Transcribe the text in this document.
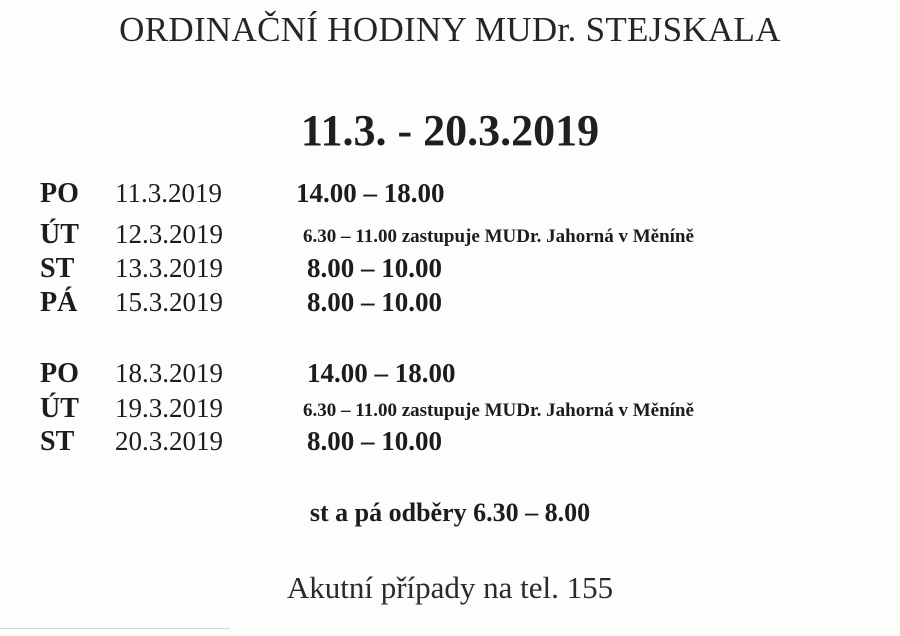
ORDINAČNÍ HODINY MUDr. STEJSKALA
11.3. - 20.3.2019
PO 11.3.2019	14.00 – 18.00
ÚT 12.3.2019	6.30 – 11.00 zastupuje MUDr. Jahorná v Měníně
ST 13.3.2019	8.00 – 10.00
PÁ 15.3.2019	8.00 – 10.00
PO 18.3.2019	14.00 – 18.00
ÚT 19.3.2019	6.30 – 11.00 zastupuje MUDr. Jahorná v Měníně
ST 20.3.2019	8.00 – 10.00
st a pá odběry 6.30 – 8.00
Akutní případy na tel. 155
